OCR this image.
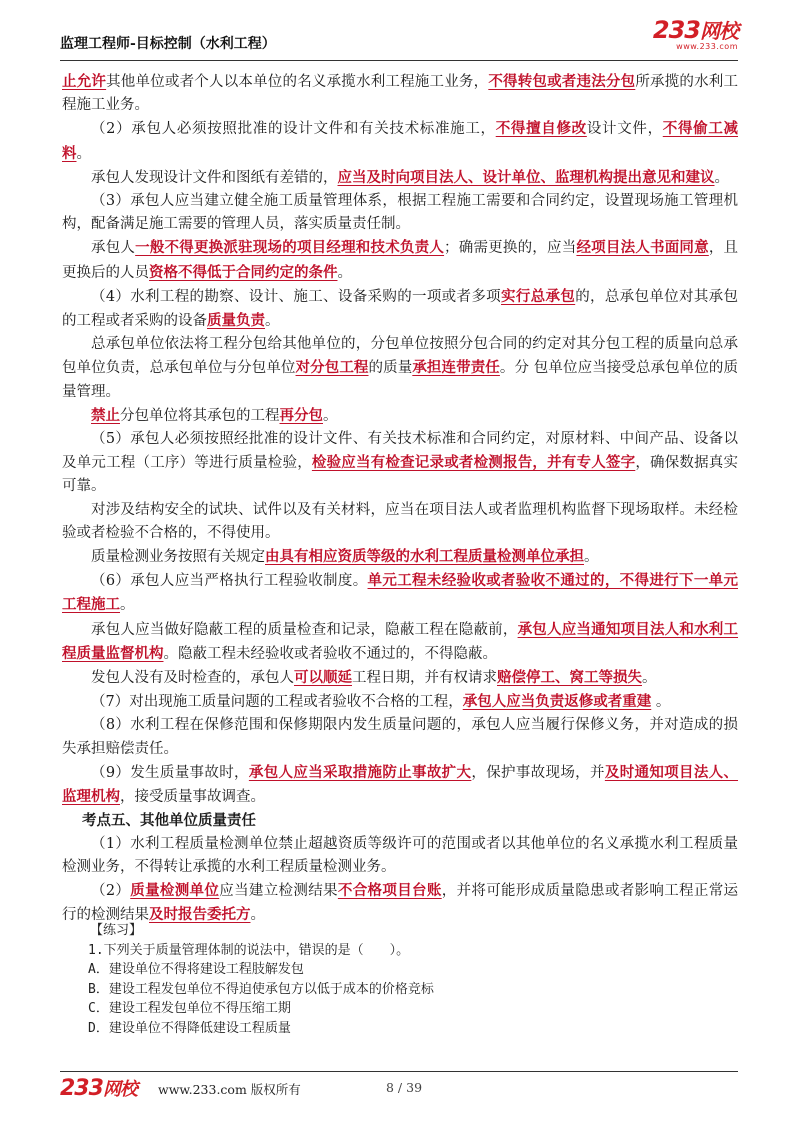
监理工程师-目标控制（水利工程）	233网校
www.233.com

止允许其他单位或者个人以本单位的名义承揽水利工程施工业务，不得转包或者违法分包所承揽的水利工程施工业务。

（2）承包人必须按照批准的设计文件和有关技术标准施工，不得擅自修改设计文件，不得偷工减料。

承包人发现设计文件和图纸有差错的，应当及时向项目法人、设计单位、监理机构提出意见和建议。

（3）承包人应当建立健全施工质量管理体系，根据工程施工需要和合同约定，设置现场施工管理机构，配备满足施工需要的管理人员，落实质量责任制。

承包人一般不得更换派驻现场的项目经理和技术负责人；确需更换的，应当经项目法人书面同意，且更换后的人员资格不得低于合同约定的条件。

（4）水利工程的勘察、设计、施工、设备采购的一项或者多项实行总承包的，总承包单位对其承包的工程或者采购的设备质量负责。

总承包单位依法将工程分包给其他单位的，分包单位按照分包合同的约定对其分包工程的质量向总承包单位负责，总承包单位与分包单位对分包工程的质量承担连带责任。分 包单位应当接受总承包单位的质量管理。

禁止分包单位将其承包的工程再分包。

（5）承包人必须按照经批准的设计文件、有关技术标准和合同约定，对原材料、中间产品、设备以及单元工程（工序）等进行质量检验，检验应当有检查记录或者检测报告，并有专人签字，确保数据真实可靠。

对涉及结构安全的试块、试件以及有关材料，应当在项目法人或者监理机构监督下现场取样。未经检验或者检验不合格的，不得使用。

质量检测业务按照有关规定由具有相应资质等级的水利工程质量检测单位承担。

（6）承包人应当严格执行工程验收制度。单元工程未经验收或者验收不通过的，不得进行下一单元工程施工。

承包人应当做好隐蔽工程的质量检查和记录，隐蔽工程在隐蔽前，承包人应当通知项目法人和水利工程质量监督机构。隐蔽工程未经验收或者验收不通过的，不得隐蔽。

发包人没有及时检查的，承包人可以顺延工程日期，并有权请求赔偿停工、窝工等损失。

（7）对出现施工质量问题的工程或者验收不合格的工程，承包人应当负责返修或者重建 。

（8）水利工程在保修范围和保修期限内发生质量问题的，承包人应当履行保修义务，并对造成的损失承担赔偿责任。

（9）发生质量事故时，承包人应当采取措施防止事故扩大，保护事故现场，并及时通知项目法人、监理机构，接受质量事故调查。

考点五、其他单位质量责任

（1）水利工程质量检测单位禁止超越资质等级许可的范围或者以其他单位的名义承揽水利工程质量检测业务，不得转让承揽的水利工程质量检测业务。

（2）质量检测单位应当建立检测结果不合格项目台账，并将可能形成质量隐患或者影响工程正常运行的检测结果及时报告委托方。

【练习】
1.下列关于质量管理体制的说法中，错误的是（　　）。
A．建设单位不得将建设工程肢解发包
B．建设工程发包单位不得迫使承包方以低于成本的价格竞标
C．建设工程发包单位不得压缩工期
D．建设单位不得降低建设工程质量
233网校 www.233.com 版权所有	8 / 39
